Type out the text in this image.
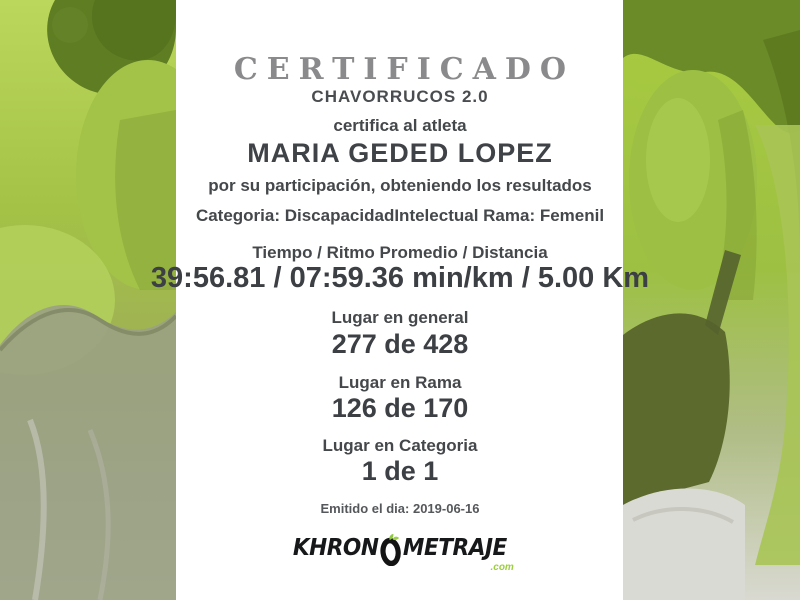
CERTIFICADO
CHAVORRUCOS 2.0
certifica al atleta
MARIA GEDED LOPEZ
por su participación, obteniendo los resultados
Categoria: DiscapacidadIntelectual Rama: Femenil
Tiempo / Ritmo Promedio / Distancia
39:56.81 / 07:59.36 min/km / 5.00 Km
Lugar en general
277 de 428
Lugar en Rama
126 de 170
Lugar en Categoria
1 de 1
Emitido el dia: 2019-06-16
KHRON METRAJE
.com
